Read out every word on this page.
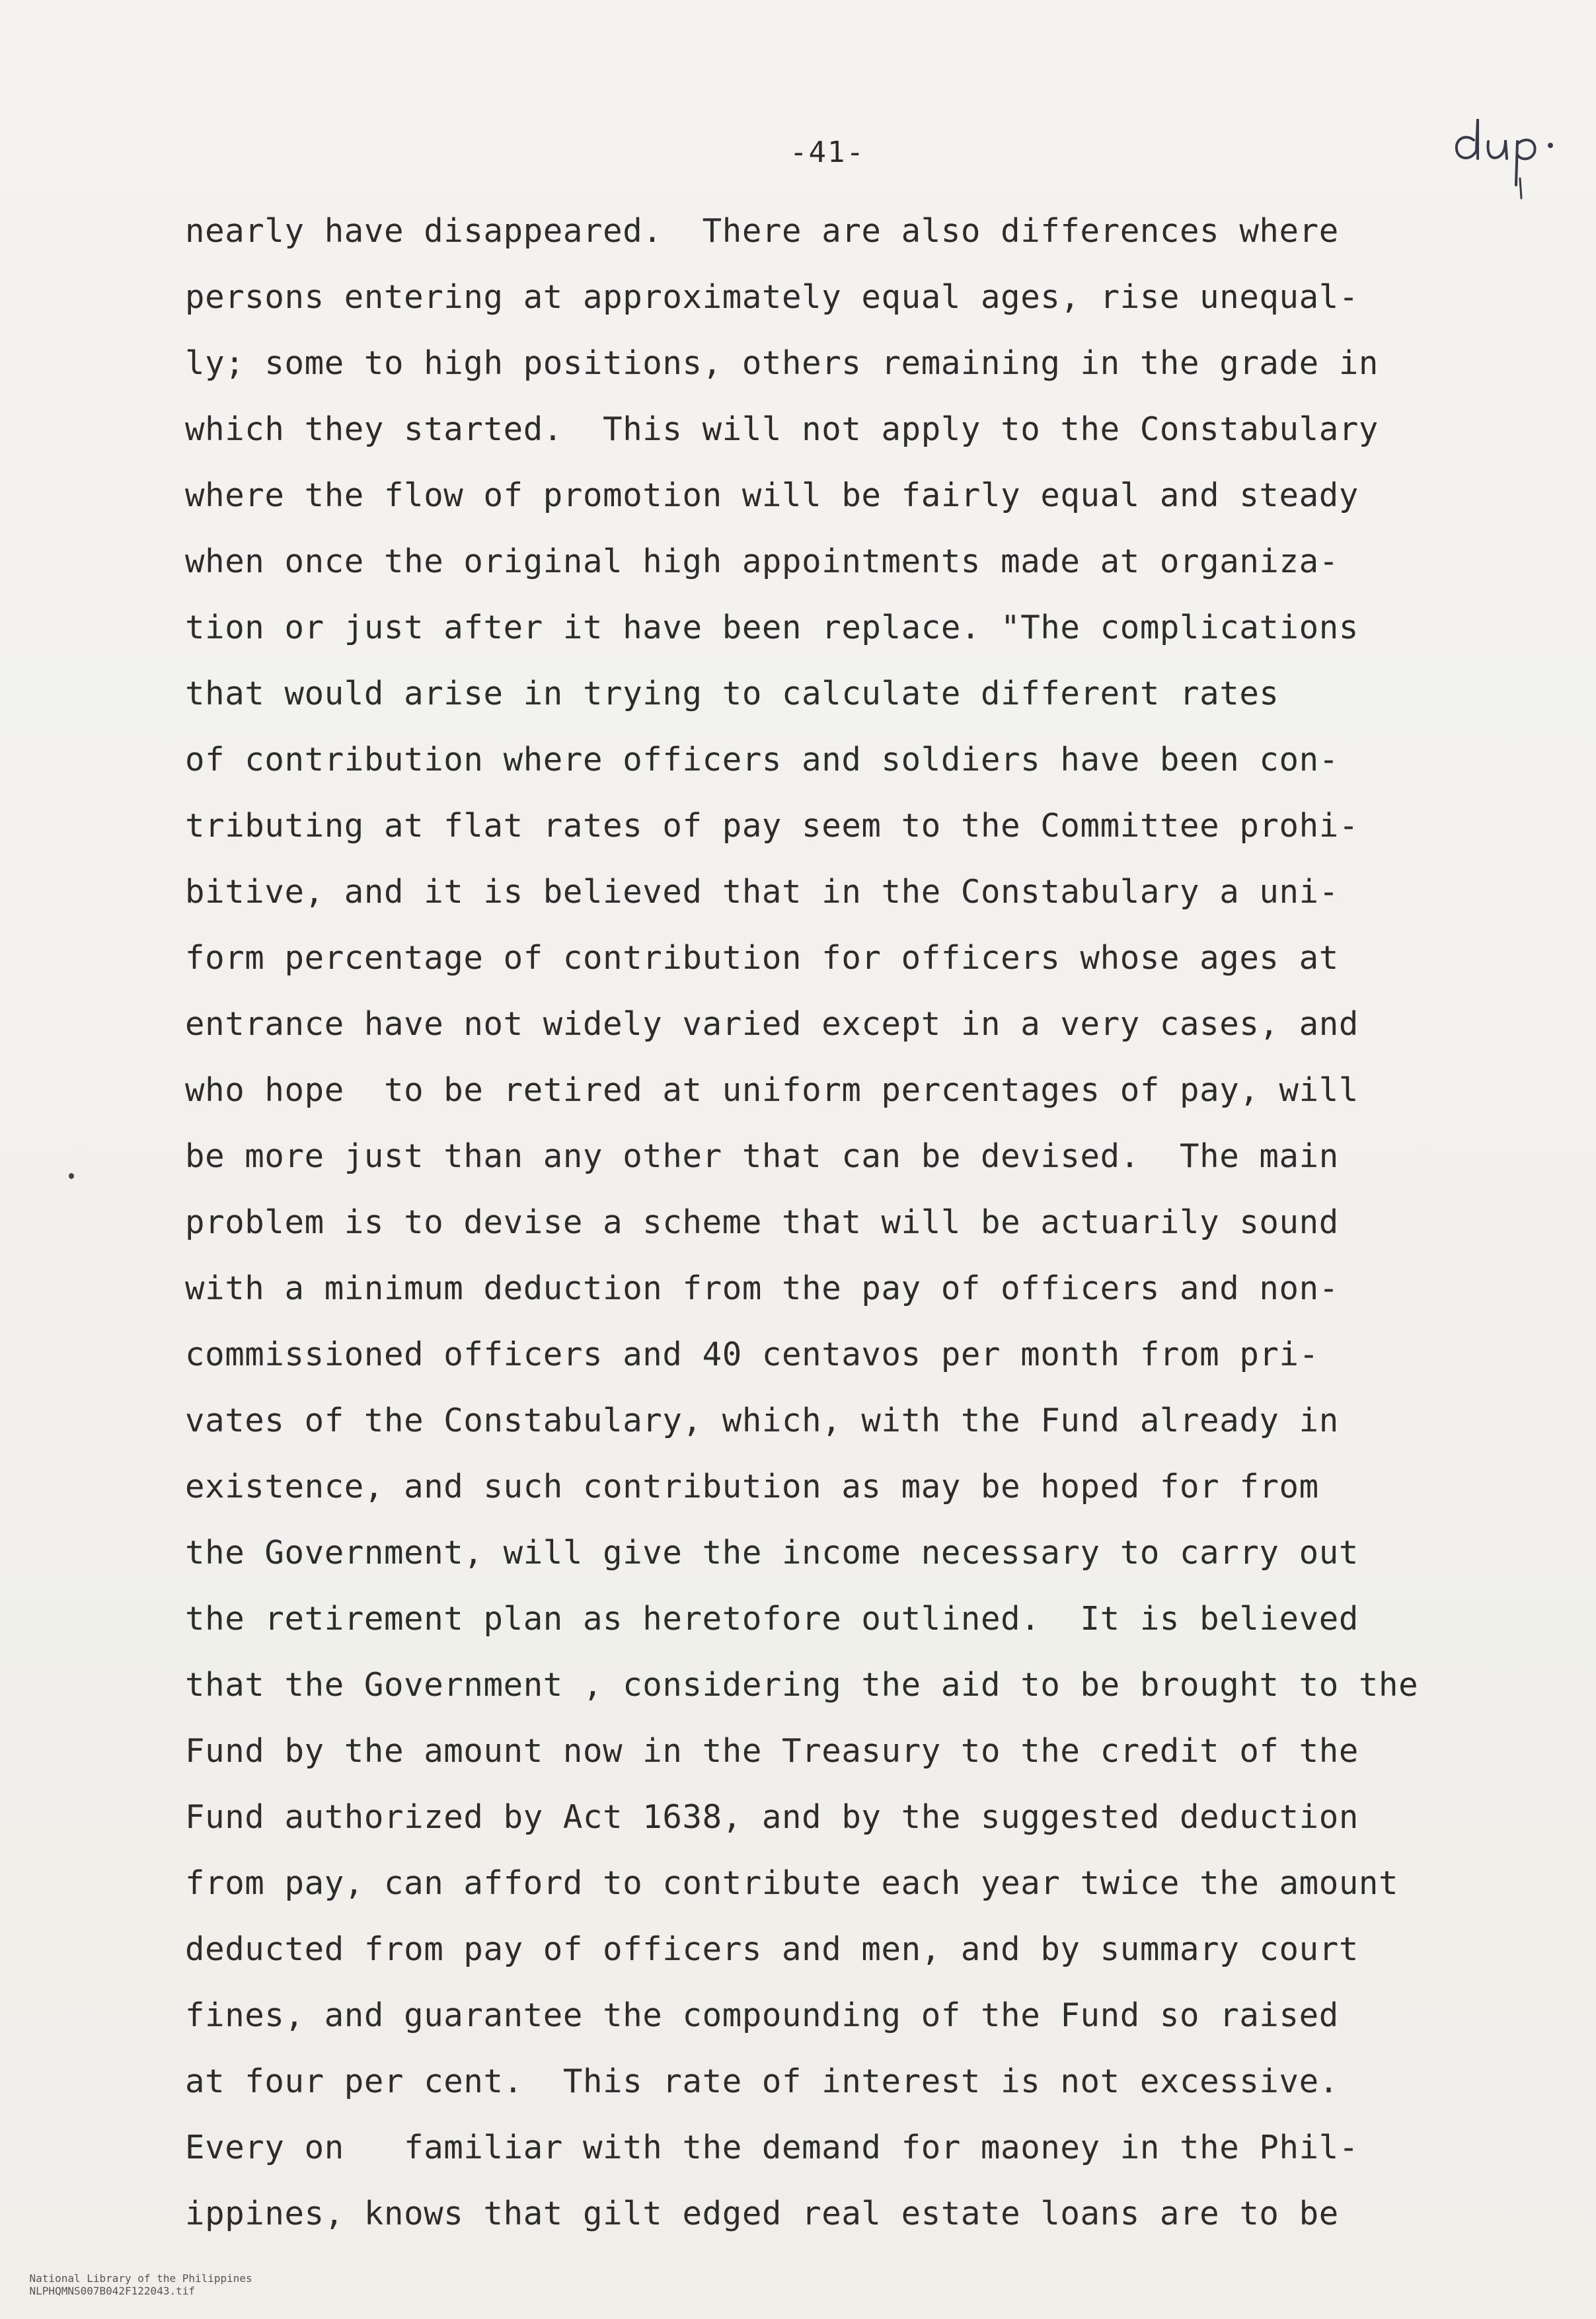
-41-
nearly have disappeared.  There are also differences where
persons entering at approximately equal ages, rise unequal-
ly; some to high positions, others remaining in the grade in
which they started.  This will not apply to the Constabulary
where the flow of promotion will be fairly equal and steady
when once the original high appointments made at organiza-
tion or just after it have been replace. "The complications
that would arise in trying to calculate different rates
of contribution where officers and soldiers have been con-
tributing at flat rates of pay seem to the Committee prohi-
bitive, and it is believed that in the Constabulary a uni-
form percentage of contribution for officers whose ages at
entrance have not widely varied except in a very cases, and
who hope  to be retired at uniform percentages of pay, will
be more just than any other that can be devised.  The main
problem is to devise a scheme that will be actuarily sound
with a minimum deduction from the pay of officers and non-
commissioned officers and 40 centavos per month from pri-
vates of the Constabulary, which, with the Fund already in
existence, and such contribution as may be hoped for from
the Government, will give the income necessary to carry out
the retirement plan as heretofore outlined.  It is believed
that the Government , considering the aid to be brought to the
Fund by the amount now in the Treasury to the credit of the
Fund authorized by Act 1638, and by the suggested deduction
from pay, can afford to contribute each year twice the amount
deducted from pay of officers and men, and by summary court
fines, and guarantee the compounding of the Fund so raised
at four per cent.  This rate of interest is not excessive.
Every on   familiar with the demand for maoney in the Phil-
ippines, knows that gilt edged real estate loans are to be

National Library of the Philippines
NLPHQMNS007B042F122043.tif
